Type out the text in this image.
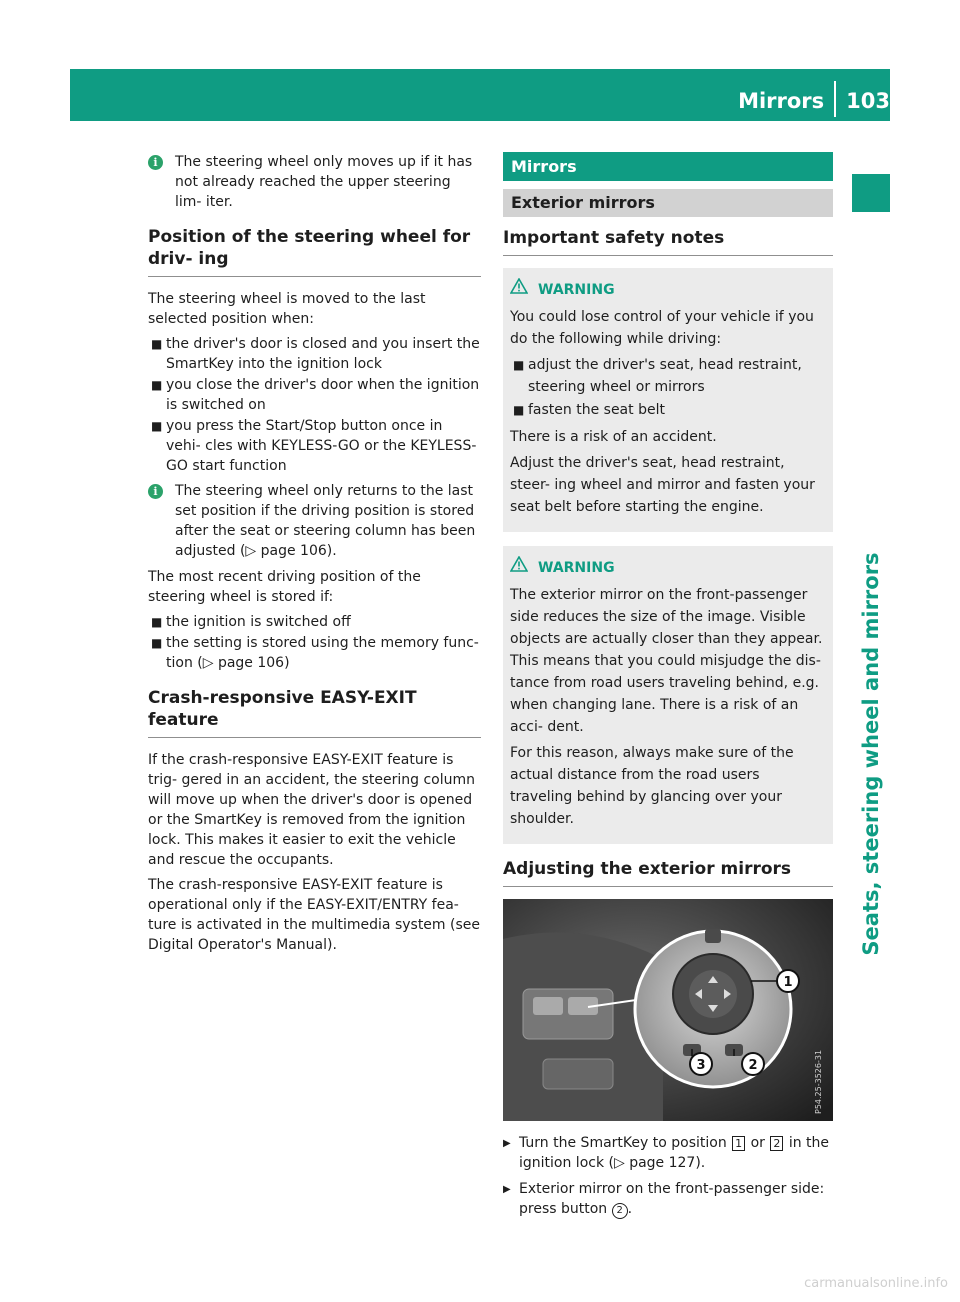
Mirrors 103
Seats, steering wheel and mirrors
i	The steering wheel only moves up if it has not already reached the upper steering lim- iter.
Position of the steering wheel for driv- ing

The steering wheel is moved to the last selected position when:

■ the driver's door is closed and you insert the SmartKey into the ignition lock
■ you close the driver's door when the ignition is switched on
■ you press the Start/Stop button once in vehi- cles with KEYLESS-GO or the KEYLESS-GO start function
i	The steering wheel only returns to the last set position if the driving position is stored after the seat or steering column has been adjusted (▷ page 106).

The most recent driving position of the steering wheel is stored if:

■ the ignition is switched off
■ the setting is stored using the memory func- tion (▷ page 106)
Crash-responsive EASY-EXIT feature

If the crash-responsive EASY-EXIT feature is trig- gered in an accident, the steering column will move up when the driver's door is opened or the SmartKey is removed from the ignition lock. This makes it easier to exit the vehicle and rescue the occupants.

The crash-responsive EASY-EXIT feature is operational only if the EASY-EXIT/ENTRY fea- ture is activated in the multimedia system (see Digital Operator's Manual).

Mirrors
Exterior mirrors
Important safety notes
WARNING

You could lose control of your vehicle if you do the following while driving:

■ adjust the driver's seat, head restraint, steering wheel or mirrors
■ fasten the seat belt

There is a risk of an accident.

Adjust the driver's seat, head restraint, steer- ing wheel and mirror and fasten your seat belt before starting the engine.

WARNING

The exterior mirror on the front-passenger side reduces the size of the image. Visible objects are actually closer than they appear. This means that you could misjudge the dis- tance from road users traveling behind, e.g. when changing lane. There is a risk of an acci- dent.

For this reason, always make sure of the actual distance from the road users traveling behind by glancing over your shoulder.

Adjusting the exterior mirrors
1
2
3	P54.25-3526-31
▶ Turn the SmartKey to position 1 or 2 in the ignition lock (▷ page 127).
▶ Exterior mirror on the front-passenger side: press button 2 .
carmanualsonline.info
